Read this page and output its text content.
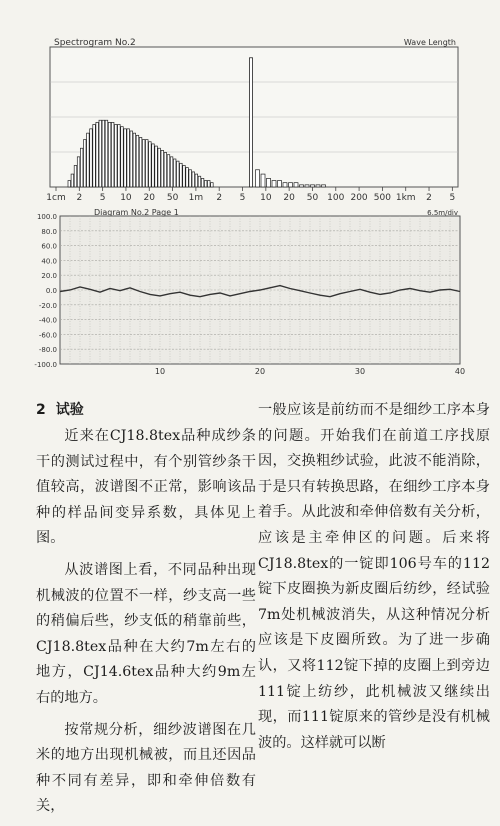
Spectrogram No.2	Wave Length
1cm 2 5 10 20 50 1m 2 5 10 20 50 100 200 500 1km 2 5
Diagram No.2 Page 1	6.5m/div
100.0
80.0
60.0
40.0
20.0
0.0
-20.0
-40.0
-60.0
-80.0
-100.0
10	20	30	40
2 试验

近来在CJ18.8tex品种成纱条干的测试过程中，有个别管纱条干值较高，波谱图不正常，影响该品种的样品间变异系数，具体见上图。

从波谱图上看，不同品种出现机械波的位置不一样，纱支高一些的稍偏后些，纱支低的稍靠前些，CJ18.8tex品种在大约7m左右的地方，CJ14.6tex品种大约9m左右的地方。

按常规分析，细纱波谱图在几米的地方出现机械被，而且还因品种不同有差异，即和牵伸倍数有关，

一般应该是前纺而不是细纱工序本身的问题。开始我们在前道工序找原因，交换粗纱试验，此波不能消除，于是只有转换思路，在细纱工序本身着手。从此波和牵伸倍数有关分析，应该是主牵伸区的问题。后来将CJ18.8tex的一锭即106号车的112锭下皮圈换为新皮圈后纺纱，经试验7m处机械波消失，从这种情况分析应该是下皮圈所致。为了进一步确认，又将112锭下掉的皮圈上到旁边111锭上纺纱，此机械波又继续出现，而111锭原来的管纱是没有机械波的。这样就可以断
